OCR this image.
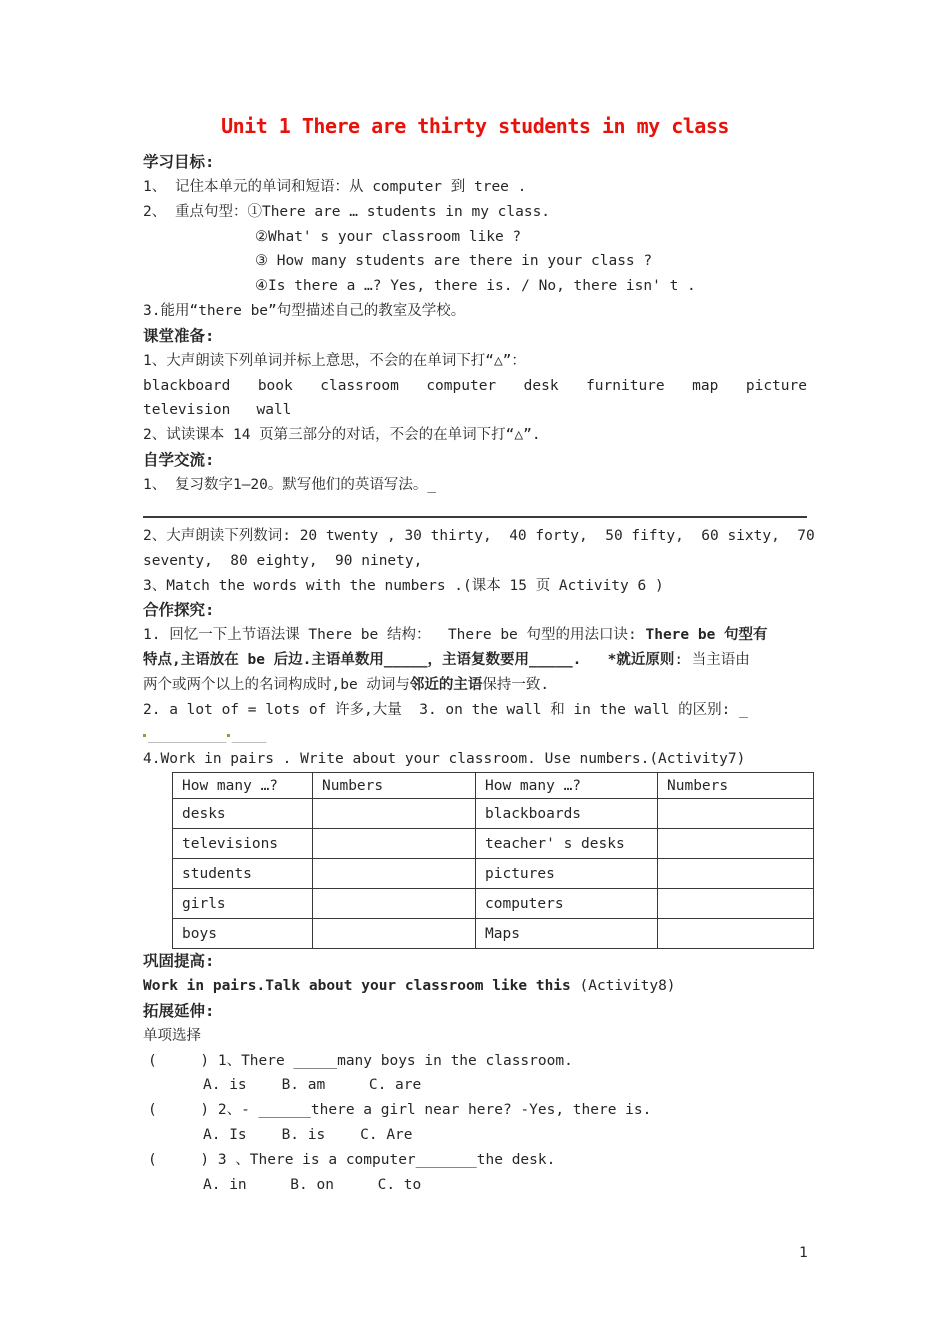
Unit 1 There are thirty students in my class

学习目标:

1、 记住本单元的单词和短语：从 computer 到 tree .

2、 重点句型：①There are … students in my class.

②What' s your classroom like ?

③ How many students are there in your class ?

④Is there a …? Yes, there is. / No, there isn' t .

3.能用“there be”句型描述自己的教室及学校。

课堂准备:

1、大声朗读下列单词并标上意思，不会的在单词下打“△”：

blackboard book classroom computer desk furniture map picture

television   wall

2、试读课本 14 页第三部分的对话，不会的在单词下打“△”.

自学交流:

1、 复习数字1—20。默写他们的英语写法。_

2、大声朗读下列数词: 20 twenty , 30 thirty,  40 forty,  50 fifty,  60 sixty,  70

seventy,  80 eighty,  90 ninety,

3、Match the words with the numbers .(课本 15 页 Activity 6 )

合作探究:

1. 回忆一下上节语法课 There be 结构：  There be 句型的用法口诀: There be 句型有

特点,主语放在 be 后边.主语单数用_____，主语复数要用_____. *就近原则: 当主语由

两个或两个以上的名词构成时,be 动词与邻近的主语保持一致.

2. a lot of = lots of 许多,大量  3. on the wall 和 in the wall 的区别: _

_________ ____

4.Work in pairs . Write about your classroom. Use numbers.(Activity7)

How many …?	Numbers	How many …?	Numbers
desks		blackboards	
televisions		teacher' s desks	
students		pictures	
girls		computers	
boys		Maps	

巩固提高:

Work in pairs.Talk about your classroom like this (Activity8)

拓展延伸:

单项选择

(     ) 1、There _____many boys in the classroom.

A. is    B. am     C. are

(     ) 2、- ______there a girl near here? -Yes, there is.

A. Is    B. is    C. Are

(     ) 3 、There is a computer_______the desk.

A. in     B. on     C. to

1
